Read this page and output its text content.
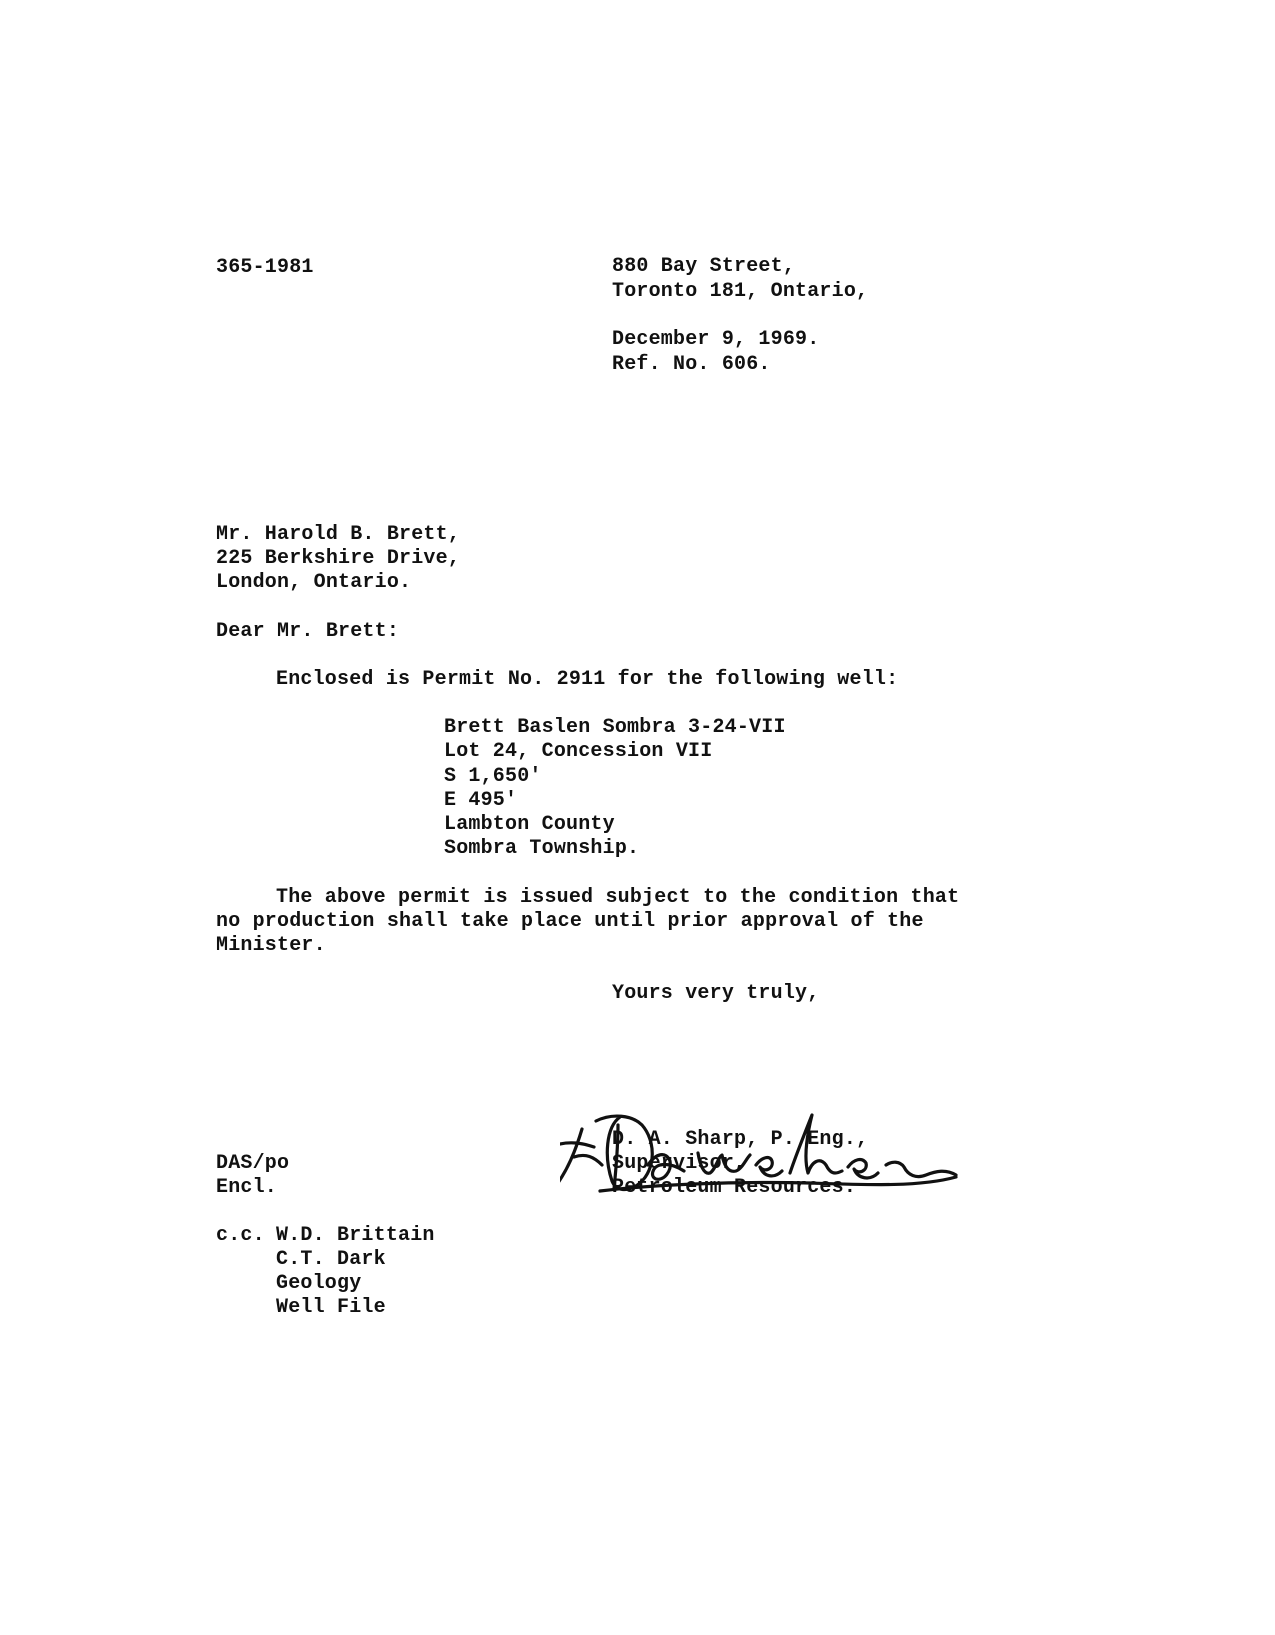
365-1981	880 Bay Street,
Toronto 181, Ontario,
December 9, 1969.
Ref. No. 606.
Mr. Harold B. Brett,
225 Berkshire Drive,
London, Ontario.
Dear Mr. Brett:
Enclosed is Permit No. 2911 for the following well:
Brett Baslen Sombra 3-24-VII
Lot 24, Concession VII
S 1,650'
E 495'
Lambton County
Sombra Township.
The above permit is issued subject to the condition that
no production shall take place until prior approval of the
Minister.
Yours very truly,
D. A. Sharp, P. Eng.,
Supervisor,
Petroleum Resources.
DAS/po
Encl.
c.c. W.D. Brittain
C.T. Dark
Geology
Well File
